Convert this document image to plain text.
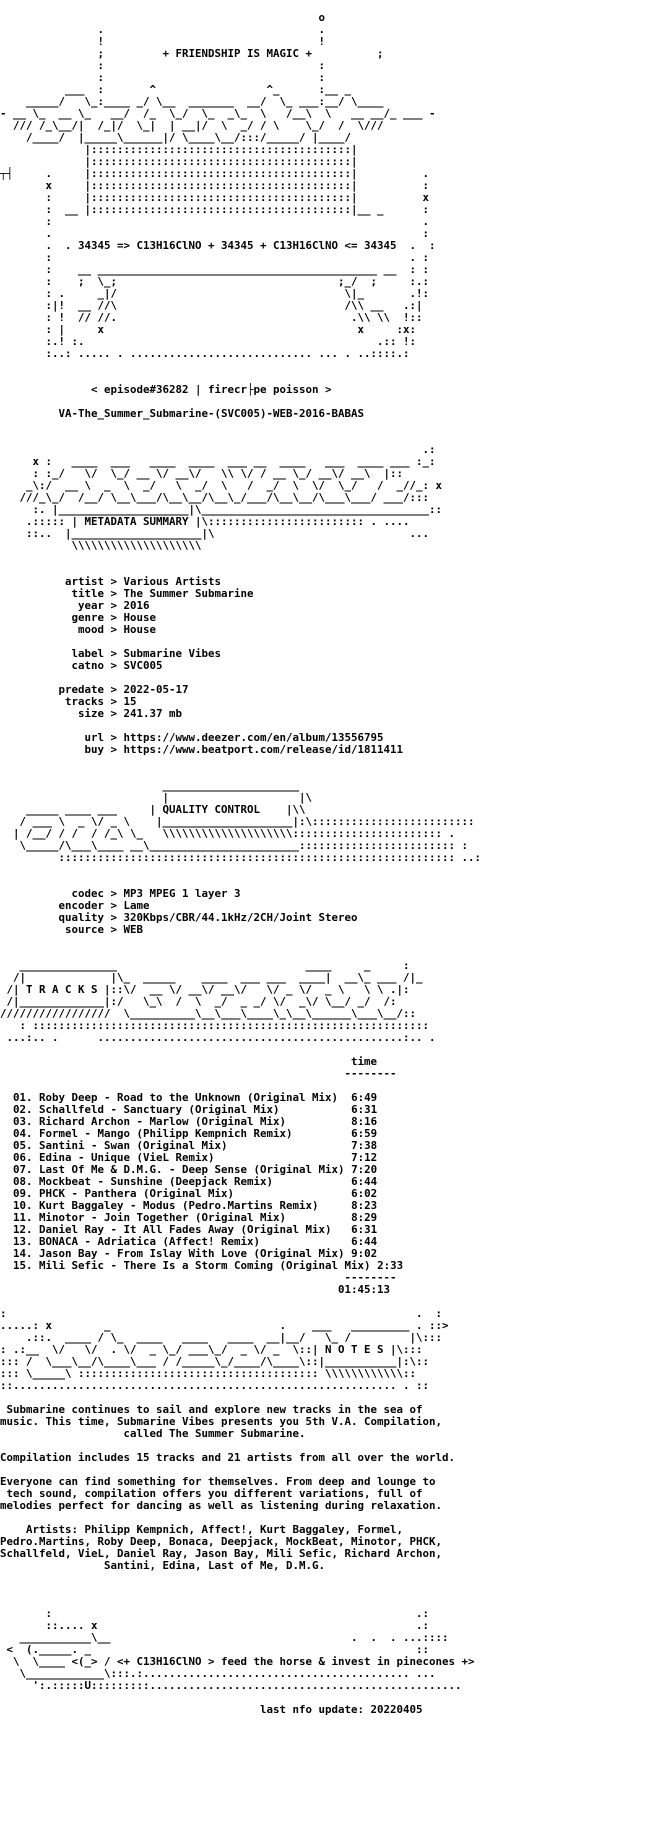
o
.                                 .
!                                 !
;         + FRIENDSHIP IS MAGIC +          ;
:                                 :
:                                 :
___  :       ^                 ^_      :__ _
_____/   \_:____ _/ \__  _______  __/  \_ ___:__/ \____
- __ \_  __ \_   __/  /_  \_/  \_  _\_  \   /__\  \   __ __/_ ___ -
/// /_\__/|  /_|/  \_|  | __|/  \  _/ / \    \_/  /  \///
/____/  |_____\______|/ \____\__/:::/_____/ |____/
|::::::::::::::::::::::::::::::::::::::::|
|::::::::::::::::::::::::::::::::::::::::|
┬┤     .     |::::::::::::::::::::::::::::::::::::::::|          .
x     |::::::::::::::::::::::::::::::::::::::::|          :
:     |::::::::::::::::::::::::::::::::::::::::|          x
:  __ |::::::::::::::::::::::::::::::::::::::::|__ _      :
:                                                         .
.                                                         :
.  . 34345 => C13H16ClNO + 34345 + C13H16ClNO <= 34345  .  :
:                                                       . :
:    __ ___________________________________________ __  : :
:    ;  \_;                                  ;_/  ;     :.:
: .     _|/                                   \|_       .!:
:|!  __ //\                                   /\\ __   .:|
: !  // //.                                    .\\ \\  !::
: |     x                                       x     :x:
:.! :.                                             .:: !:
:..: ..... . ............................ ... . ..::::.:
< episode#36282 | firecr├pe poisson >
VA-The_Summer_Submarine-(SVC005)-WEB-2016-BABAS
.:
x :   ____  ___   ____  ____  ___ __  ____   ___  ____ ___ :_:
: :_/   \/  \_/ __ \/ __\/   \\ \/ / __ \_/ __\/ __\  |::
_\:/  __ \  _  \  _/   \  _/  \   /  _/  \  \/  \_/   /  _//_: x
///_\_/  /__/ \__\___/\__\__/\__\_/___/\__\__/\___\___/ ___/:::
:. |____________________|\___________________________________::
.::::: | METADATA SUMMARY |\:::::::::::::::::::::::: . ....
::..  |____________________|\                              ...
\\\\\\\\\\\\\\\\\\\\
artist > Various Artists
title > The Summer Submarine
year > 2016
genre > House
mood > House
label > Submarine Vibes
catno > SVC005
predate > 2022-05-17
tracks > 15
size > 241.37 mb
url > https://www.deezer.com/en/album/13556795
buy > https://www.beatport.com/release/id/1811411
_____________________
|                    |\
_____ ____ ___     | QUALITY CONTROL    |\\
/ ___ \  _ \/ _ \    |____________________|:\:::::::::::::::::::::::::
| /__/ / /  / /_\ \_   \\\\\\\\\\\\\\\\\\\\::::::::::::::::::::::: .
\_____/\___\____ __\_______________________:::::::::::::::::::::::: :
::::::::::::::::::::::::::::::::::::::::::::::::::::::::::::: ..:
codec > MP3 MPEG 1 layer 3
encoder > Lame
quality > 320Kbps/CBR/44.1kHz/2CH/Joint Stereo
source > WEB
_______________                             ____     _     :
/|             |\_  _____    ____  ___ ___  ____|  __\_ ___ /|_
/| T R A C K S |::\/  __ \/ __\/ __\/   \/ _ \/  _ \   \ \ .|:
/|_____________|:/   \_\  /  \  _/  _ _/ \/  _\/ \__/ _/  /:
/////////////////  \__________\__\___\____\_\__\______\___\__/::
: :::::::::::::::::::::::::::::::::::::::::::::::::::::::::::::
...:.. .      ...............................................:.. .
time
--------
01. Roby Deep - Road to the Unknown (Original Mix) 6:49
02. Schallfeld - Sanctuary (Original Mix)	6:31
03. Richard Archon - Marlow (Original Mix)	8:16
04. Formel - Mango (Philipp Kempnich Remix)	6:59
05. Santini - Swan (Original Mix)	7:38
06. Edina - Unique (VieL Remix)	7:12
07. Last Of Me & D.M.G. - Deep Sense (Original Mix) 7:20
08. Mockbeat - Sunshine (Deepjack Remix)	6:44
09. PHCK - Panthera (Original Mix)	6:02
10. Kurt Baggaley - Modus (Pedro.Martins Remix)	8:23
11. Minotor - Join Together (Original Mix)	8:29
12. Daniel Ray - It All Fades Away (Original Mix) 6:31
13. BONACA - Adriatica (Affect! Remix)	6:44
14. Jason Bay - From Islay With Love (Original Mix) 9:02
15. Mili Sefic - There Is a Storm Coming (Original Mix) 2:33
--------
01:45:13
:                                                               .  :
.....: x        _                          .    ___   _________ . ::>
.::.  ____ / \_  ____   ____   ____  __|__/   \_ /         |\:::
: .:__  \/   \/  . \/  _ \_/ ___\_/  _ \/ _  \::| N O T E S |\:::
::: /  \___\__/\____\___ / /_____\_/____/\____\::|___________|:\::
::: \_____\ ::::::::::::::::::::::::::::::::::::: \\\\\\\\\\\\::
::........................................................... . ::
Submarine continues to sail and explore new tracks in the sea of
music. This time, Submarine Vibes presents you 5th V.A. Compilation,
called The Summer Submarine.
Compilation includes 15 tracks and 21 artists from all over the world.
Everyone can find something for themselves. From deep and lounge to
tech sound, compilation offers you different variations, full of
melodies perfect for dancing as well as listening during relaxation.
Artists: Philipp Kempnich, Affect!, Kurt Baggaley, Formel,
Pedro.Martins, Roby Deep, Bonaca, Deepjack, MockBeat, Minotor, PHCK,
Schallfeld, VieL, Daniel Ray, Jason Bay, Mili Sefic, Richard Archon,
Santini, Edina, Last of Me, D.M.G.
:                                                        .:
::.... x                                                 .:
___________\__                                     .  .  . ...::::
<  (._____. _                                                  ::
\  \____ <(_> / <+ C13H16ClNO > feed the horse & invest in pinecones +>
\____________\:::.:......................................... ...
':.:::::U:::::::::................................................
last nfo update: 20220405
